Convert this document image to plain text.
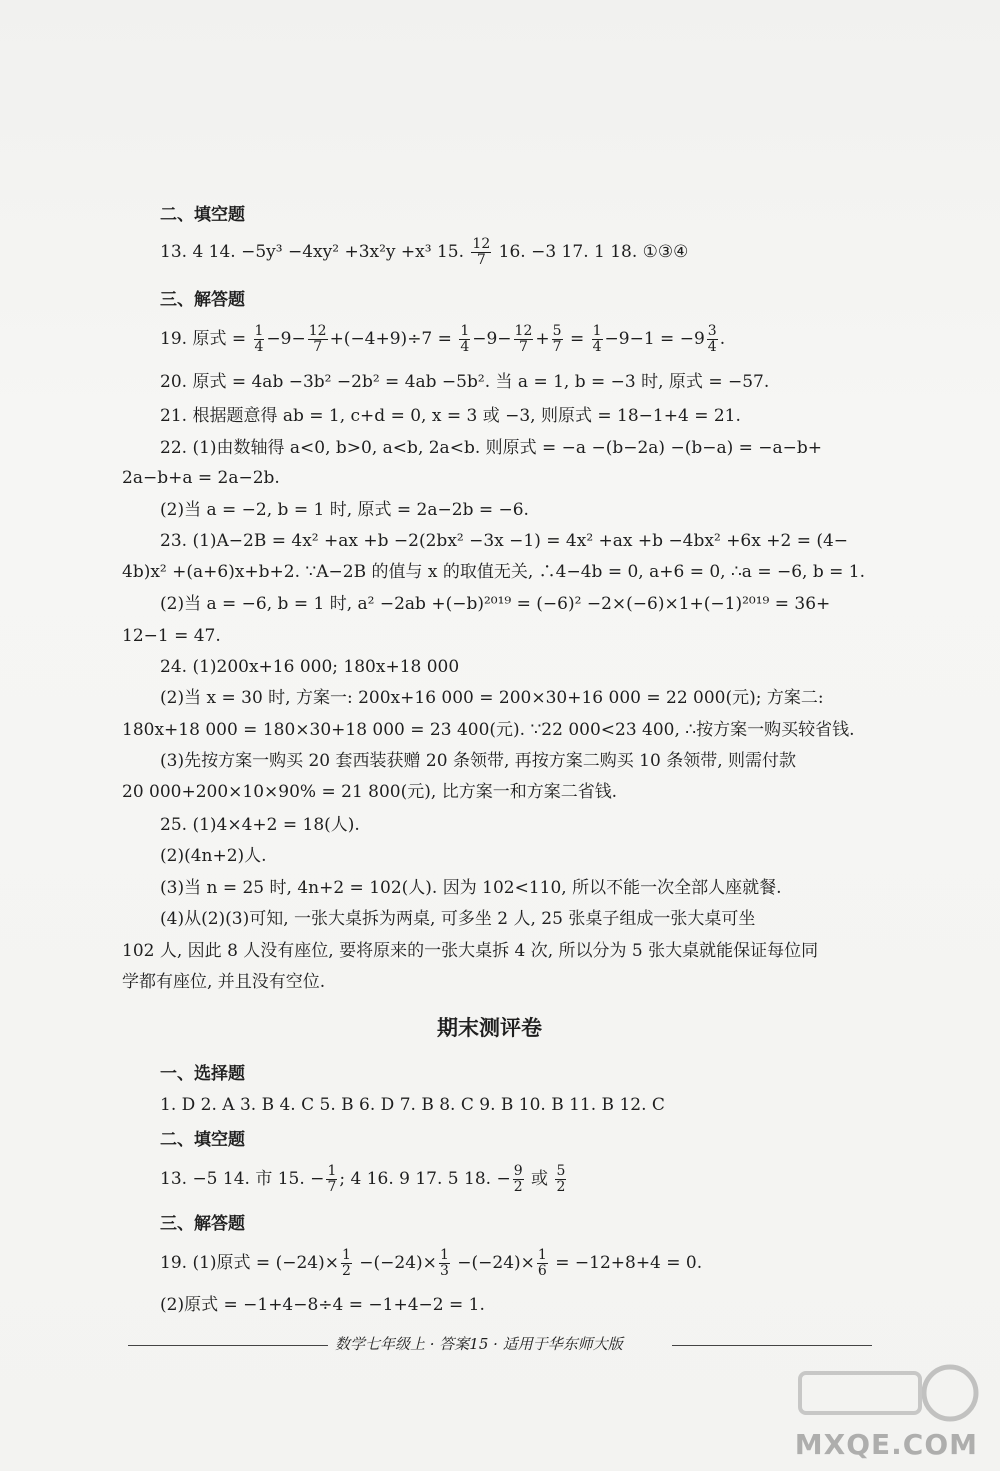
二、填空题
13. 4 14. −5y³ −4xy² +3x²y +x³ 15. $\frac{12}{7} 16$. −3 17. 1 18. ①③④
三、解答题
19. 原式 = $\frac{1}{4} -9- \frac{12}{7} +(-4+9)\div 7 = \frac{1}{4} -9- \frac{12}{7} + \frac{5}{7} = \frac{1}{4} -9-1 = -9 \frac{3}{4}$ .
20. 原式 = 4ab −3b² −2b² = 4ab −5b². 当 a = 1, b = −3 时, 原式 = −57.
21. 根据题意得 ab = 1, c+d = 0, x = 3 或 −3, 则原式 = 18−1+4 = 21.
22. (1)由数轴得 a<0, b>0, a<b, 2a<b. 则原式 = −a −(b−2a) −(b−a) = −a−b+
2a−b+a = 2a−2b.
(2)当 a = −2, b = 1 时, 原式 = 2a−2b = −6.
23. (1)A−2B = 4x² +ax +b −2(2bx² −3x −1) = 4x² +ax +b −4bx² +6x +2 = (4−
4b)x² +(a+6)x+b+2. ∵A−2B 的值与 x 的取值无关, ∴4−4b = 0, a+6 = 0, ∴a = −6, b = 1.
(2)当 a = −6, b = 1 时, a² −2ab +(−b)²⁰¹⁹ = (−6)² −2×(−6)×1+(−1)²⁰¹⁹ = 36+
12−1 = 47.
24. (1)200x+16 000; 180x+18 000
(2)当 x = 30 时, 方案一: 200x+16 000 = 200×30+16 000 = 22 000(元); 方案二:
180x+18 000 = 180×30+18 000 = 23 400(元). ∵22 000<23 400, ∴按方案一购买较省钱.
(3)先按方案一购买 20 套西装获赠 20 条领带, 再按方案二购买 10 条领带, 则需付款
20 000+200×10×90% = 21 800(元), 比方案一和方案二省钱.
25. (1)4×4+2 = 18(人).
(2)(4n+2)人.
(3)当 n = 25 时, 4n+2 = 102(人). 因为 102<110, 所以不能一次全部人座就餐.
(4)从(2)(3)可知, 一张大桌拆为两桌, 可多坐 2 人, 25 张桌子组成一张大桌可坐
102 人, 因此 8 人没有座位, 要将原来的一张大桌拆 4 次, 所以分为 5 张大桌就能保证每位同
学都有座位, 并且没有空位.
期末测评卷
一、选择题
1. D 2. A 3. B 4. C 5. B 6. D 7. B 8. C 9. B 10. B 11. B 12. C
二、填空题
13. −5 14. 市 15. − $\frac{1}{7}$ ; 4 16. 9 17. 5 18. − $\frac{9}{2}$ 或 $\frac{5}{2}$
三、解答题
19. (1)原式 = $(-24)\times \frac{1}{2} -(-24)\times \frac{1}{3} -(-24)\times \frac{1}{6} = -12+8+4 = 0$.
(2)原式 = −1+4−8÷4 = −1+4−2 = 1.
数学七年级上 · 答案15 · 适用于华东师大版
MXQE.COM
